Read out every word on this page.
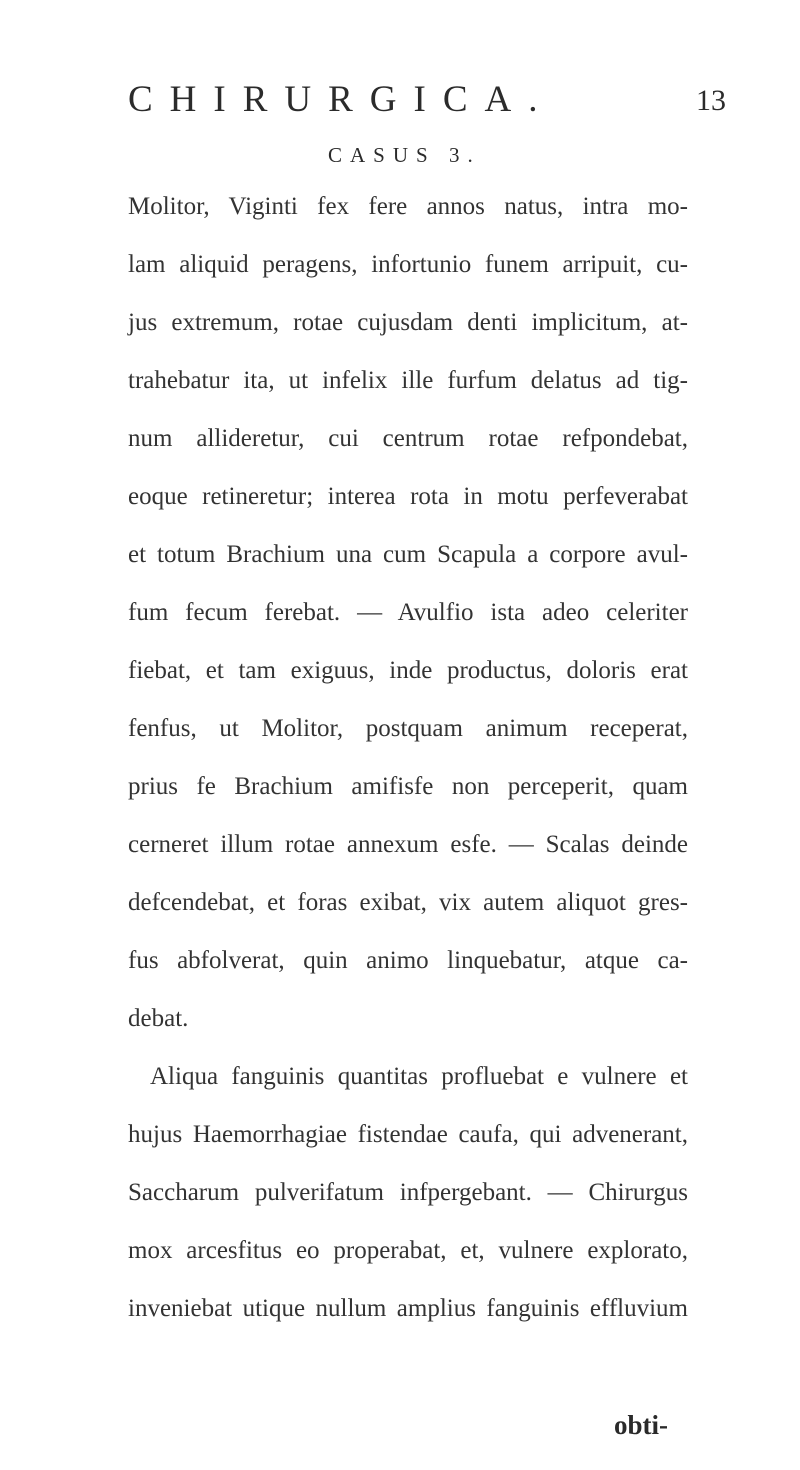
CHIRURGICA.	13
CASUS 3.
Molitor, Viginti fex fere annos natus, intra mo-
lam aliquid peragens, infortunio funem arripuit, cu-
jus extremum, rotae cujusdam denti implicitum, at-
trahebatur ita, ut infelix ille furfum delatus ad tig-
num allideretur, cui centrum rotae refpondebat,
eoque retineretur; interea rota in motu perfeverabat
et totum Brachium una cum Scapula a corpore avul-
fum fecum ferebat. — Avulfio ista adeo celeriter
fiebat, et tam exiguus, inde productus, doloris erat
fenfus, ut Molitor, postquam animum receperat,
prius fe Brachium amifisfe non perceperit, quam
cerneret illum rotae annexum esfe. — Scalas deinde
defcendebat, et foras exibat, vix autem aliquot gres-
fus abfolverat, quin animo linquebatur, atque ca-
debat.
Aliqua fanguinis quantitas profluebat e vulnere et
hujus Haemorrhagiae fistendae caufa, qui advenerant,
Saccharum pulverifatum infpergebant. — Chirurgus
mox arcesfitus eo properabat, et, vulnere explorato,
inveniebat utique nullum amplius fanguinis effluvium
obti-
